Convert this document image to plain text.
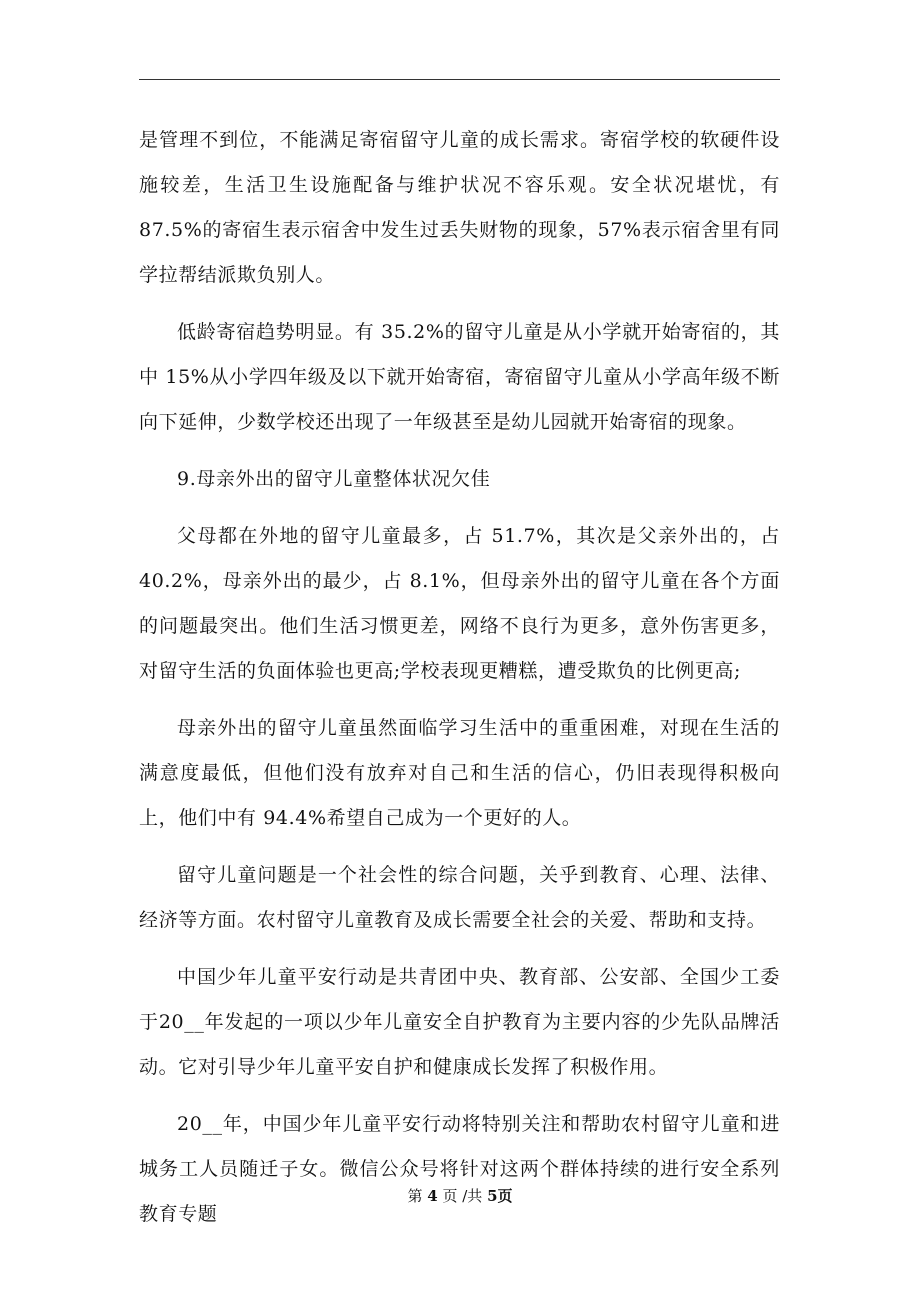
是管理不到位，不能满足寄宿留守儿童的成长需求。寄宿学校的软硬件设施较差，生活卫生设施配备与维护状况不容乐观。安全状况堪忧，有 87.5%的寄宿生表示宿舍中发生过丢失财物的现象，57%表示宿舍里有同学拉帮结派欺负别人。

低龄寄宿趋势明显。有 35.2%的留守儿童是从小学就开始寄宿的，其中 15%从小学四年级及以下就开始寄宿，寄宿留守儿童从小学高年级不断向下延伸，少数学校还出现了一年级甚至是幼儿园就开始寄宿的现象。

9.母亲外出的留守儿童整体状况欠佳

父母都在外地的留守儿童最多，占 51.7%，其次是父亲外出的，占 40.2%，母亲外出的最少，占 8.1%，但母亲外出的留守儿童在各个方面的问题最突出。他们生活习惯更差，网络不良行为更多，意外伤害更多，对留守生活的负面体验也更高;学校表现更糟糕，遭受欺负的比例更高;

母亲外出的留守儿童虽然面临学习生活中的重重困难，对现在生活的满意度最低，但他们没有放弃对自己和生活的信心，仍旧表现得积极向上，他们中有 94.4%希望自己成为一个更好的人。

留守儿童问题是一个社会性的综合问题，关乎到教育、心理、法律、经济等方面。农村留守儿童教育及成长需要全社会的关爱、帮助和支持。

中国少年儿童平安行动是共青团中央、教育部、公安部、全国少工委于20__年发起的一项以少年儿童安全自护教育为主要内容的少先队品牌活动。它对引导少年儿童平安自护和健康成长发挥了积极作用。

20__年，中国少年儿童平安行动将特别关注和帮助农村留守儿童和进城务工人员随迁子女。微信公众号将针对这两个群体持续的进行安全系列教育专题

第 4 页 /共 5页
